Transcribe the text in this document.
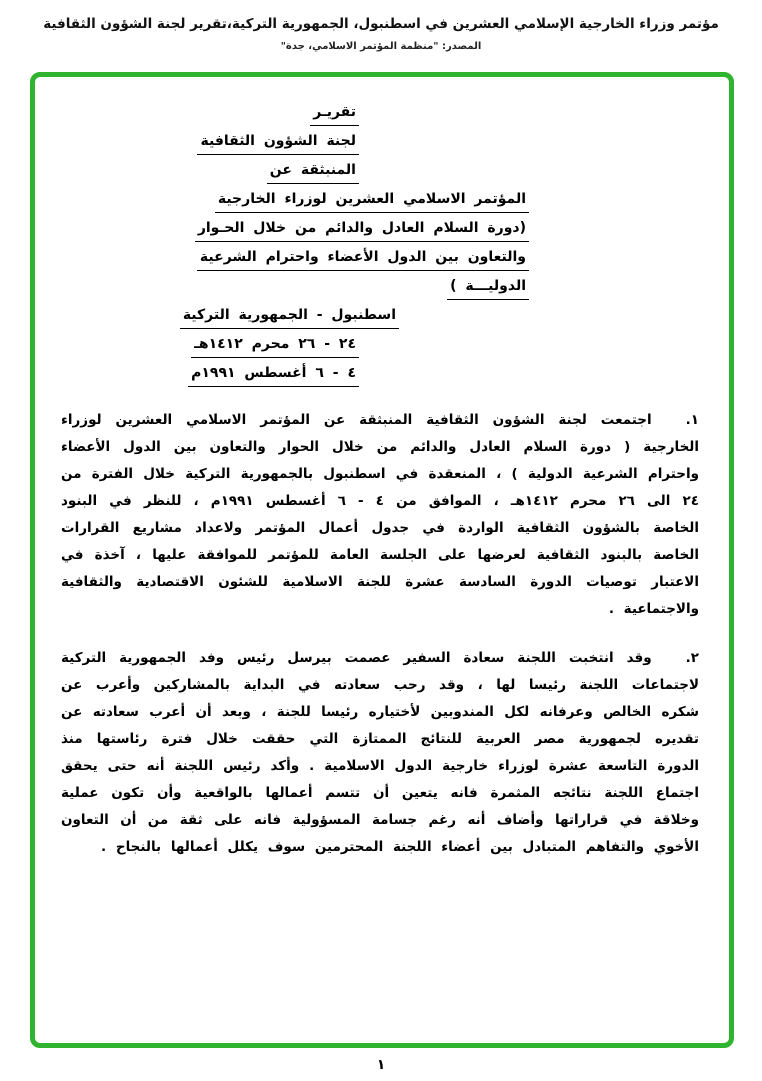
مؤتمر وزراء الخارجية الإسلامي العشرين في اسطنبول، الجمهورية التركية،تقرير لجنة الشؤون الثقافية
المصدر: "منظمة المؤتمر الاسلامي، جدة"
تقريـر
لجنة الشؤون الثقافية
المنبثقة عن
المؤتمر الاسلامي العشرين لوزراء الخارجية
(دورة السلام العادل والدائم من خلال الحـوار
والتعاون بين الدول الأعضاء واحترام الشرعية
الدوليـــة )
اسطنبول - الجمهورية التركية
٢٤ - ٢٦ محرم ١٤١٢هـ
٤ - ٦ أغسطس ١٩٩١م

١.اجتمعت لجنة الشؤون الثقافية المنبثقة عن المؤتمر الاسلامي العشرين لوزراء الخارجية ( دورة السلام العادل والدائم من خلال الحوار والتعاون بين الدول الأعضاء واحترام الشرعية الدولية ) ، المنعقدة في اسطنبول بالجمهورية التركية خلال الفترة من ٢٤ الى ٢٦ محرم ١٤١٢هـ ، الموافق من ٤ - ٦ أغسطس ١٩٩١م ، للنظر في البنود الخاصة بالشؤون الثقافية الواردة في جدول أعمال المؤتمر ولاعداد مشاريع القرارات الخاصة بالبنود الثقافية لعرضها على الجلسة العامة للمؤتمر للموافقة عليها ، آخذة في الاعتبار توصيات الدورة السادسة عشرة للجنة الاسلامية للشئون الاقتصادية والثقافية والاجتماعية .

٢.وقد انتخبت اللجنة سعادة السفير عصمت بيرسل رئيس وفد الجمهورية التركية لاجتماعات اللجنة رئيسا لها ، وقد رحب سعادته في البداية بالمشاركين وأعرب عن شكره الخالص وعرفانه لكل المندوبين لأختياره رئيسا للجنة ، وبعد أن أعرب سعادته عن تقديره لجمهورية مصر العربية للنتائج الممتازة التي حققت خلال فترة رئاستها منذ الدورة التاسعة عشرة لوزراء خارجية الدول الاسلامية . وأكد رئيس اللجنة أنه حتى يحقق اجتماع اللجنة نتائجه المثمرة فانه يتعين أن تتسم أعمالها بالواقعية وأن تكون عملية وخلاقة في قراراتها وأضاف أنه رغم جسامة المسؤولية فانه على ثقة من أن التعاون الأخوي والتفاهم المتبادل بين أعضاء اللجنة المحترمين سوف يكلل أعمالها بالنجاح .

١
